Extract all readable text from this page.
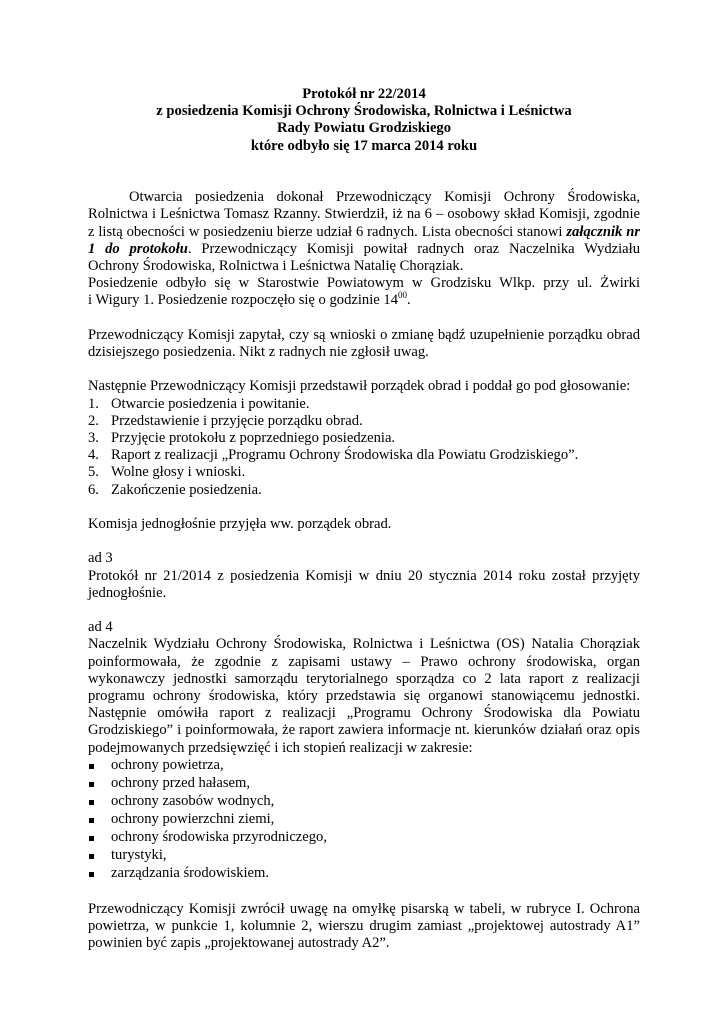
Protokół nr 22/2014
z posiedzenia Komisji Ochrony Środowiska, Rolnictwa i Leśnictwa
Rady Powiatu Grodziskiego
które odbyło się 17 marca 2014 roku

Otwarcia posiedzenia dokonał Przewodniczący Komisji Ochrony Środowiska,

Rolnictwa i Leśnictwa Tomasz Rzanny. Stwierdził, iż na 6 – osobowy skład Komisji, zgodnie

z listą obecności w posiedzeniu bierze udział 6 radnych. Lista obecności stanowi załącznik nr

1 do protokołu. Przewodniczący Komisji powitał radnych oraz Naczelnika Wydziału

Ochrony Środowiska, Rolnictwa i Leśnictwa Natalię Chorąziak.

Posiedzenie odbyło się w Starostwie Powiatowym w Grodzisku Wlkp. przy ul. Żwirki

i Wigury 1. Posiedzenie rozpoczęło się o godzinie $14^{00}$.

Przewodniczący Komisji zapytał, czy są wnioski o zmianę bądź uzupełnienie porządku obrad

dzisiejszego posiedzenia. Nikt z radnych nie zgłosił uwag.

Następnie Przewodniczący Komisji przedstawił porządek obrad i poddał go pod głosowanie:

1. Otwarcie posiedzenia i powitanie.
2. Przedstawienie i przyjęcie porządku obrad.
3. Przyjęcie protokołu z poprzedniego posiedzenia.
4. Raport z realizacji „Programu Ochrony Środowiska dla Powiatu Grodziskiego”.
5. Wolne głosy i wnioski.
6. Zakończenie posiedzenia.

Komisja jednogłośnie przyjęła ww. porządek obrad.

ad 3

Protokół nr 21/2014 z posiedzenia Komisji w dniu 20 stycznia 2014 roku został przyjęty

jednogłośnie.

ad 4

Naczelnik Wydziału Ochrony Środowiska, Rolnictwa i Leśnictwa (OS) Natalia Chorąziak

poinformowała, że zgodnie z zapisami ustawy – Prawo ochrony środowiska, organ

wykonawczy jednostki samorządu terytorialnego sporządza co 2 lata raport z realizacji

programu ochrony środowiska, który przedstawia się organowi stanowiącemu jednostki.

Następnie omówiła raport z realizacji „Programu Ochrony Środowiska dla Powiatu

Grodziskiego” i poinformowała, że raport zawiera informacje nt. kierunków działań oraz opis

podejmowanych przedsięwzięć i ich stopień realizacji w zakresie:

ochrony powietrza,
ochrony przed hałasem,
ochrony zasobów wodnych,
ochrony powierzchni ziemi,
ochrony środowiska przyrodniczego,
turystyki,
zarządzania środowiskiem.

Przewodniczący Komisji zwrócił uwagę na omyłkę pisarską w tabeli, w rubryce I. Ochrona

powietrza, w punkcie 1, kolumnie 2, wierszu drugim zamiast „projektowej autostrady A1”

powinien być zapis „projektowanej autostrady A2”.
